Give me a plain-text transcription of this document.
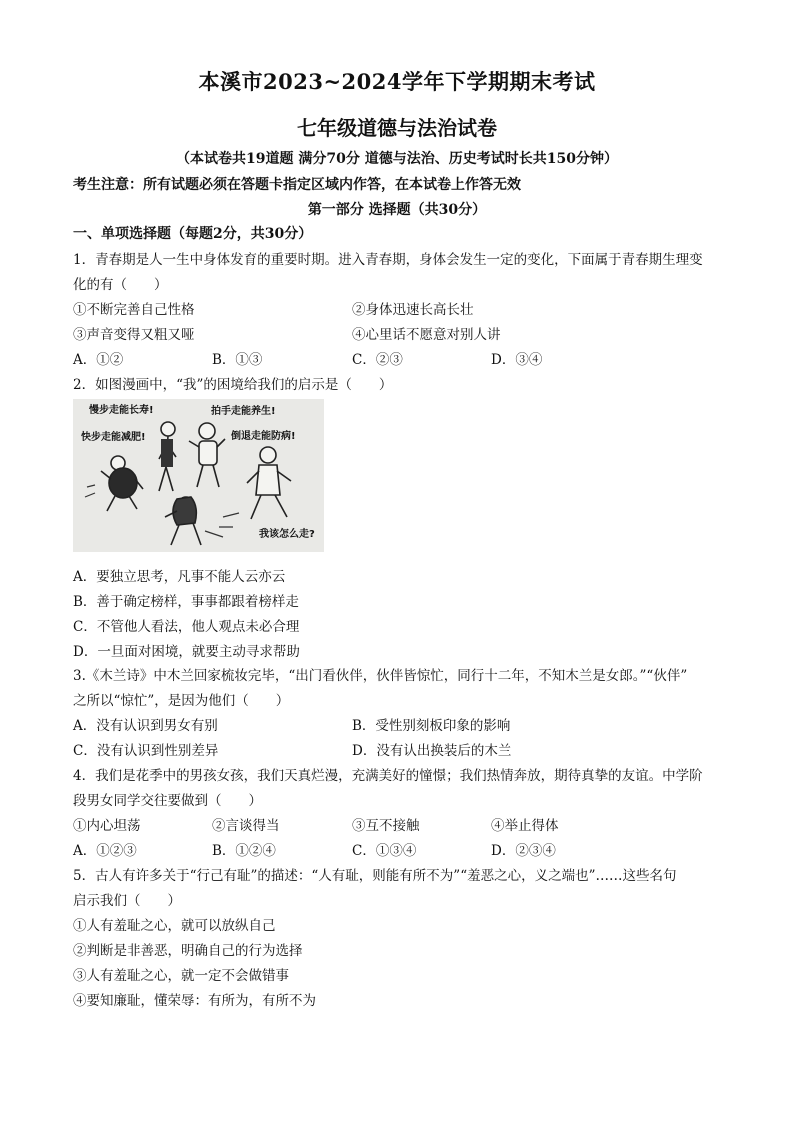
本溪市2023~2024学年下学期期末考试
七年级道德与法治试卷
（本试卷共19道题 满分70分 道德与法治、历史考试时长共150分钟）
考生注意：所有试题必须在答题卡指定区域内作答，在本试卷上作答无效
第一部分 选择题（共30分）
一、单项选择题（每题2分，共30分）
1．青春期是人一生中身体发育的重要时期。进入青春期，身体会发生一定的变化，下面属于青春期生理变
化的有（　　）
①不断完善自己性格	②身体迅速长高长壮
③声音变得又粗又哑	④心里话不愿意对别人讲
A．①②	B．①③	C．②③	D．③④
2．如图漫画中，“我”的困境给我们的启示是（　　）
慢步走能长寿!
快步走能减肥!
拍手走能养生!
倒退走能防病!
我该怎么走?
A．要独立思考，凡事不能人云亦云
B．善于确定榜样，事事都跟着榜样走
C．不管他人看法，他人观点未必合理
D．一旦面对困境，就要主动寻求帮助
3.《木兰诗》中木兰回家梳妆完毕，“出门看伙伴，伙伴皆惊忙，同行十二年，不知木兰是女郎。”“伙伴”
之所以“惊忙”，是因为他们（　　）
A．没有认识到男女有别	B．受性别刻板印象的影响
C．没有认识到性别差异	D．没有认出换装后的木兰
4．我们是花季中的男孩女孩，我们天真烂漫，充满美好的憧憬；我们热情奔放，期待真挚的友谊。中学阶
段男女同学交往要做到（　　）
①内心坦荡	②言谈得当	③互不接触	④举止得体
A．①②③	B．①②④	C．①③④	D．②③④
5．古人有许多关于“行己有耻”的描述：“人有耻，则能有所不为”“羞恶之心，义之端也”……这些名句
启示我们（　　）
①人有羞耻之心，就可以放纵自己
②判断是非善恶，明确自己的行为选择
③人有羞耻之心，就一定不会做错事
④要知廉耻，懂荣辱：有所为，有所不为
